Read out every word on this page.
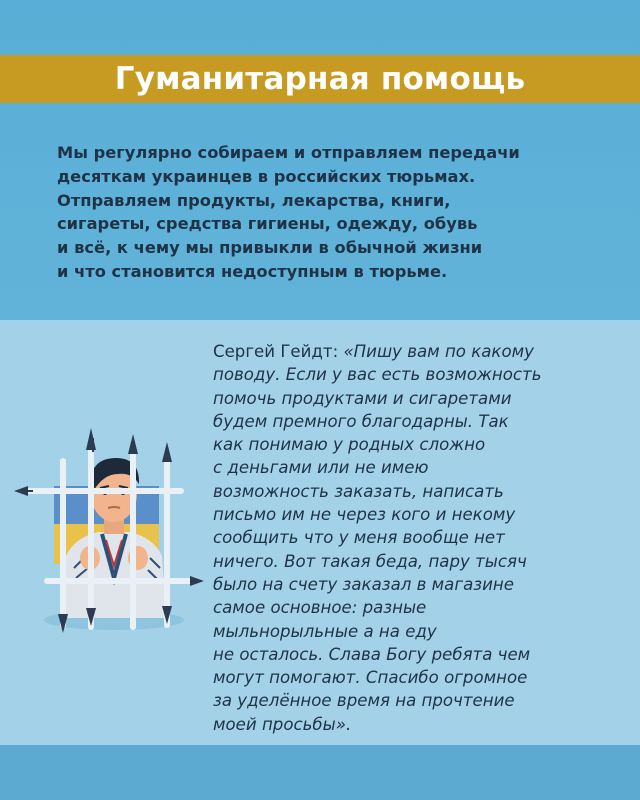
Гуманитарная помощь
Мы регулярно собираем и отправляем передачи
десяткам украинцев в российских тюрьмах.
Отправляем продукты, лекарства, книги,
сигареты, средства гигиены, одежду, обувь
и всё, к чему мы привыкли в обычной жизни
и что становится недоступным в тюрьме.
Сергей Гейдт: «Пишу вам по какому
поводу. Если у вас есть возможность
помочь продуктами и сигаретами
будем премного благодарны. Так
как понимаю у родных сложно
с деньгами или не имею
возможность заказать, написать
письмо им не через кого и некому
сообщить что у меня вообще нет
ничего. Вот такая беда, пару тысяч
было на счету заказал в магазине
самое основное: разные
мыльнорыльные а на еду
не осталось. Слава Богу ребята чем
могут помогают. Спасибо огромное
за уделённое время на прочтение
моей просьбы».
